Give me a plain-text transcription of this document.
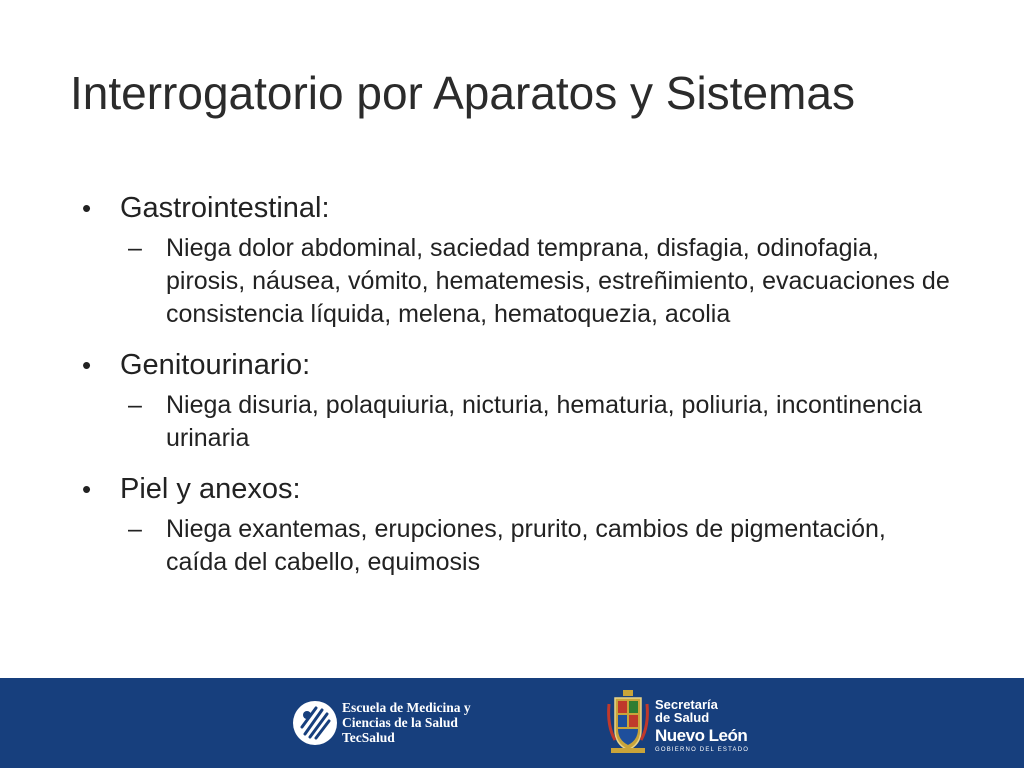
Interrogatorio por Aparatos y Sistemas
• Gastrointestinal:
– Niega dolor abdominal, saciedad temprana, disfagia, odinofagia, pirosis, náusea, vómito, hematemesis, estreñimiento, evacuaciones de consistencia líquida, melena, hematoquezia, acolia
• Genitourinario:
– Niega disuria, polaquiuria, nicturia, hematuria, poliuria, incontinencia urinaria
• Piel y anexos:
– Niega exantemas, erupciones, prurito, cambios de pigmentación, caída del cabello, equimosis
Escuela de Medicina y
Ciencias de la Salud
TecSalud
Secretaría
de Salud
Nuevo León
GOBIERNO DEL ESTADO
